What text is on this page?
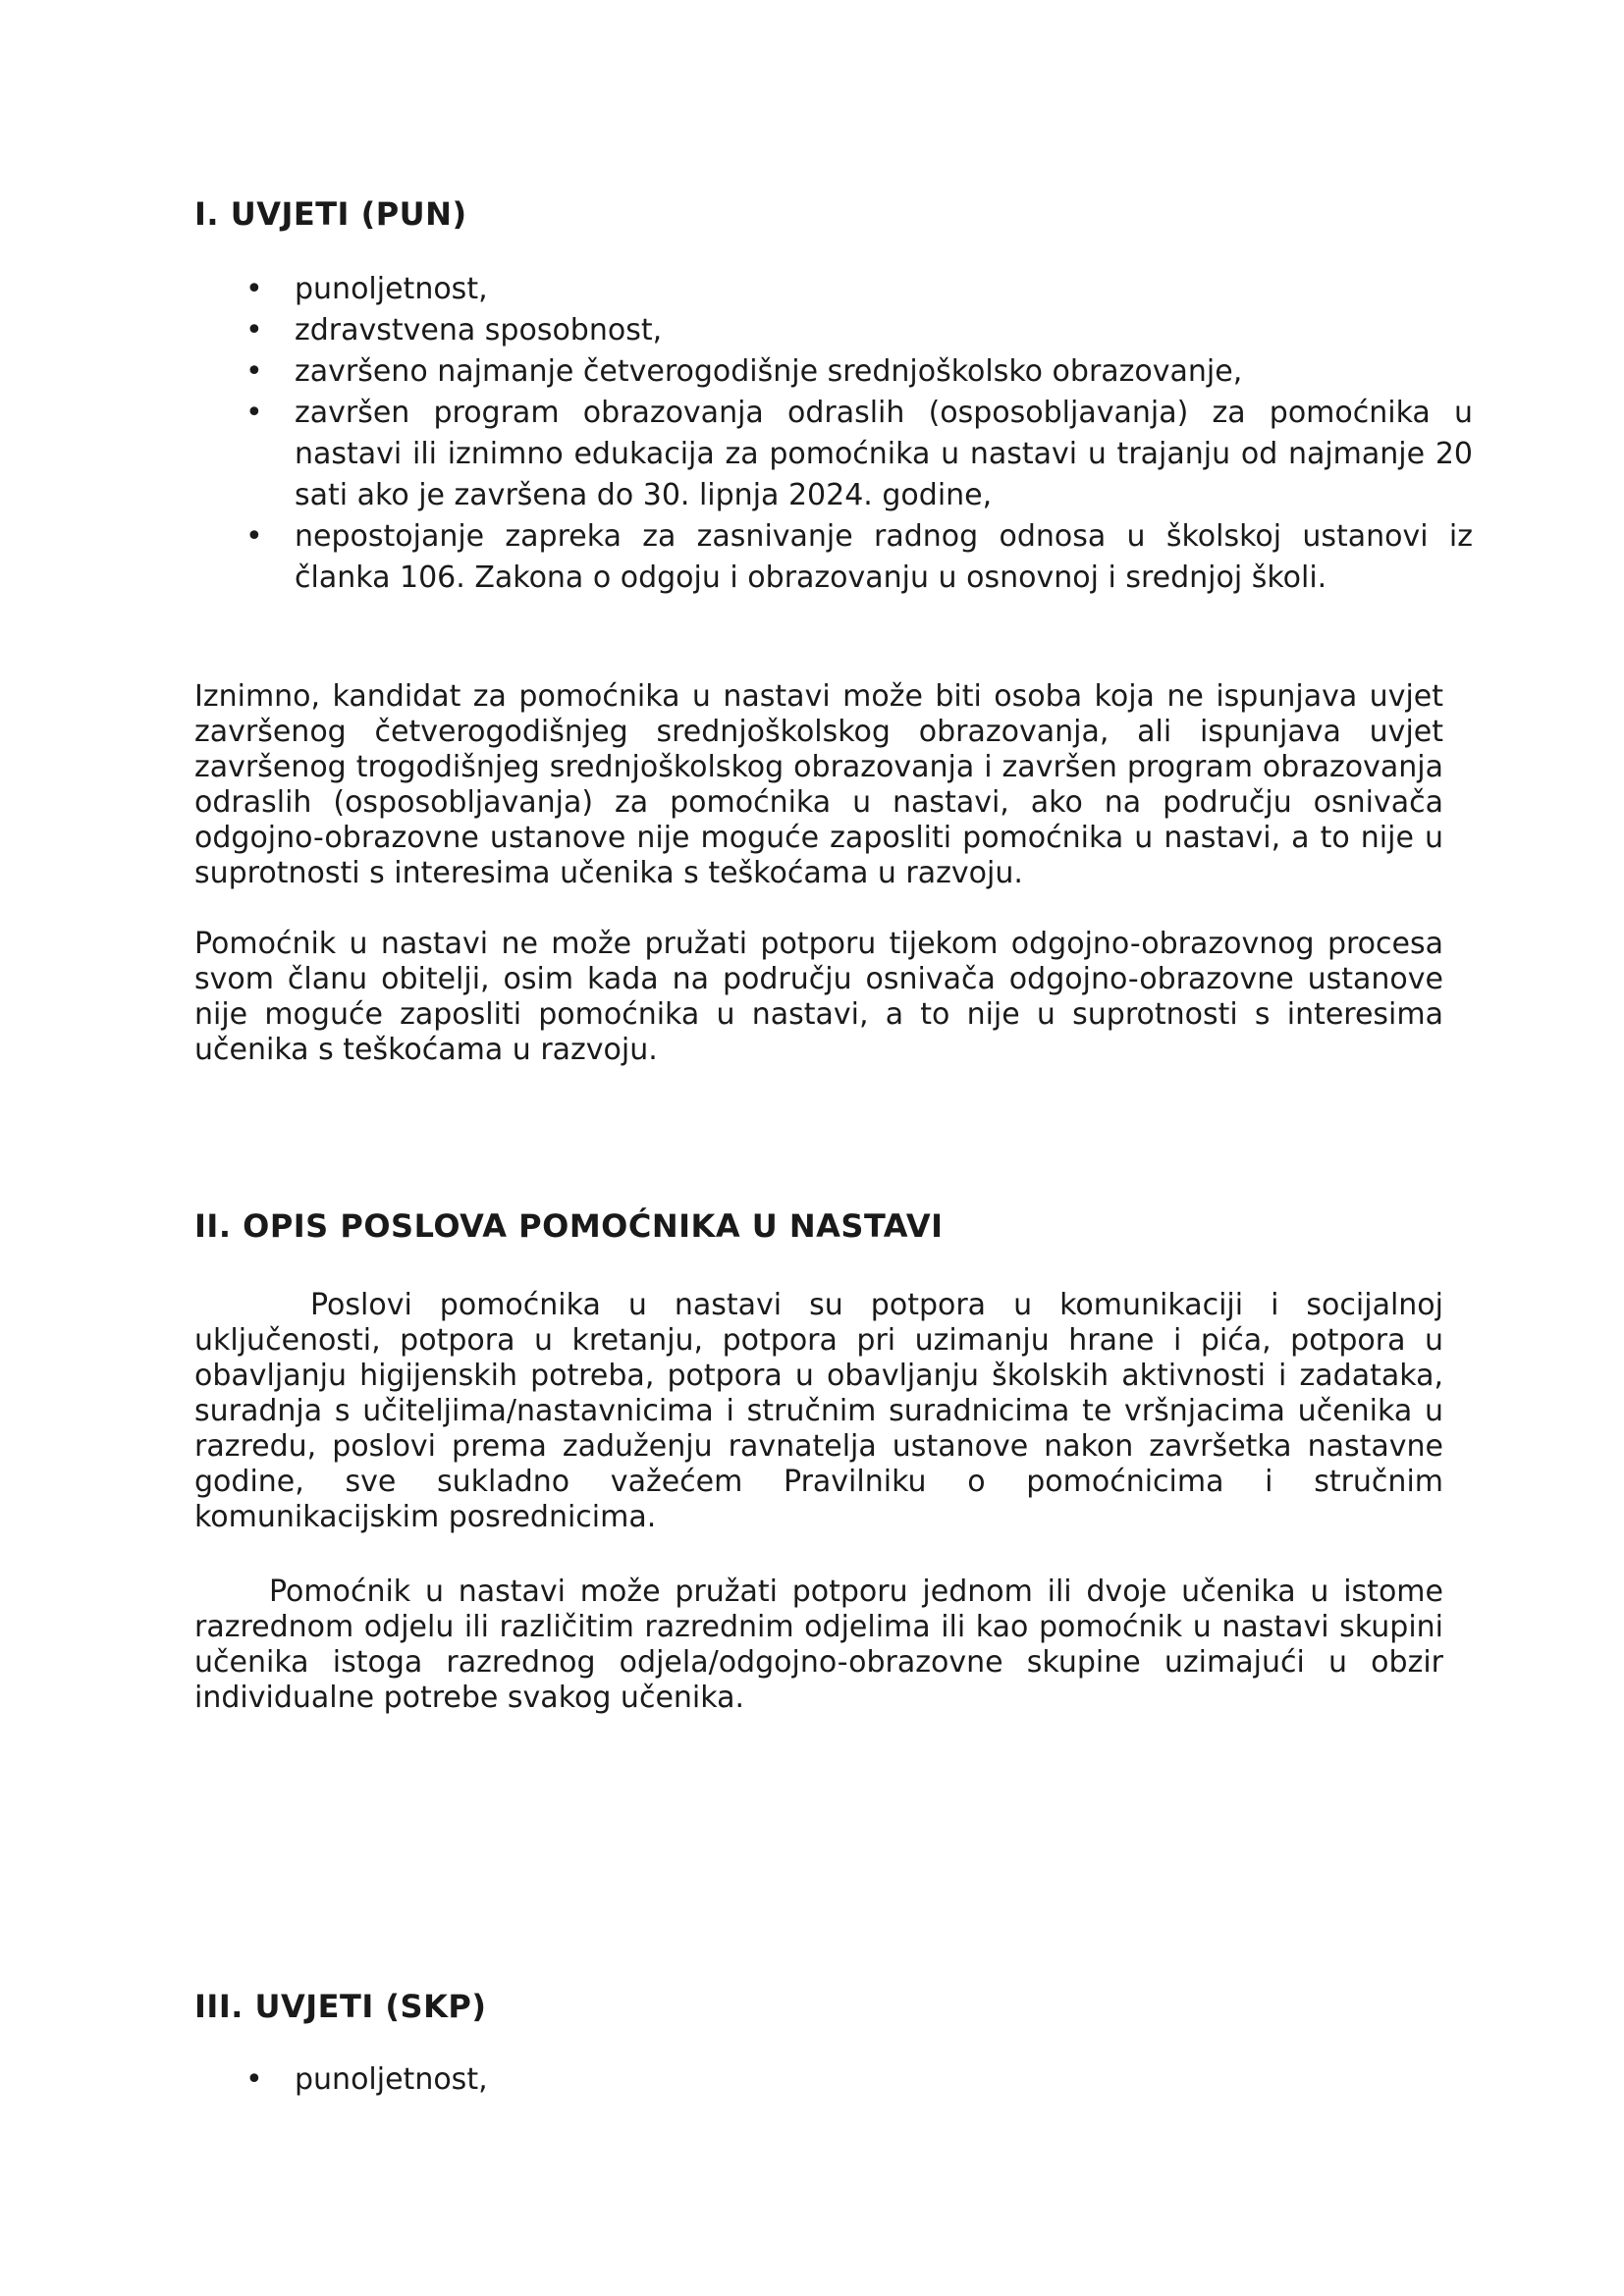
I. UVJETI (PUN)
• punoljetnost,
• zdravstvena sposobnost,
• završeno najmanje četverogodišnje srednjoškolsko obrazovanje,
• završen program obrazovanja odraslih (osposobljavanja) za pomoćnika u nastavi ili iznimno edukacija za pomoćnika u nastavi u trajanju od najmanje 20 sati ako je završena do 30. lipnja 2024. godine,
• nepostojanje zapreka za zasnivanje radnog odnosa u školskoj ustanovi iz članka 106. Zakona o odgoju i obrazovanju u osnovnoj i srednjoj školi.

Iznimno, kandidat za pomoćnika u nastavi može biti osoba koja ne ispunjava uvjet završenog četverogodišnjeg srednjoškolskog obrazovanja, ali ispunjava uvjet završenog trogodišnjeg srednjoškolskog obrazovanja i završen program obrazovanja odraslih (osposobljavanja) za pomoćnika u nastavi, ako na području osnivača odgojno-obrazovne ustanove nije moguće zaposliti pomoćnika u nastavi, a to nije u suprotnosti s interesima učenika s teškoćama u razvoju.

Pomoćnik u nastavi ne može pružati potporu tijekom odgojno-obrazovnog procesa svom članu obitelji, osim kada na području osnivača odgojno-obrazovne ustanove nije moguće zaposliti pomoćnika u nastavi, a to nije u suprotnosti s interesima učenika s teškoćama u razvoju.

II. OPIS POSLOVA POMOĆNIKA U NASTAVI

Poslovi pomoćnika u nastavi su potpora u komunikaciji i socijalnoj uključenosti, potpora u kretanju, potpora pri uzimanju hrane i pića, potpora u obavljanju higijenskih potreba, potpora u obavljanju školskih aktivnosti i zadataka, suradnja s učiteljima/nastavnicima i stručnim suradnicima te vršnjacima učenika u razredu, poslovi prema zaduženju ravnatelja ustanove nakon završetka nastavne godine, sve sukladno važećem Pravilniku o pomoćnicima i stručnim komunikacijskim posrednicima.

Pomoćnik u nastavi može pružati potporu jednom ili dvoje učenika u istome razrednom odjelu ili različitim razrednim odjelima ili kao pomoćnik u nastavi skupini učenika istoga razrednog odjela/odgojno-obrazovne skupine uzimajući u obzir individualne potrebe svakog učenika.

III. UVJETI (SKP)
• punoljetnost,
